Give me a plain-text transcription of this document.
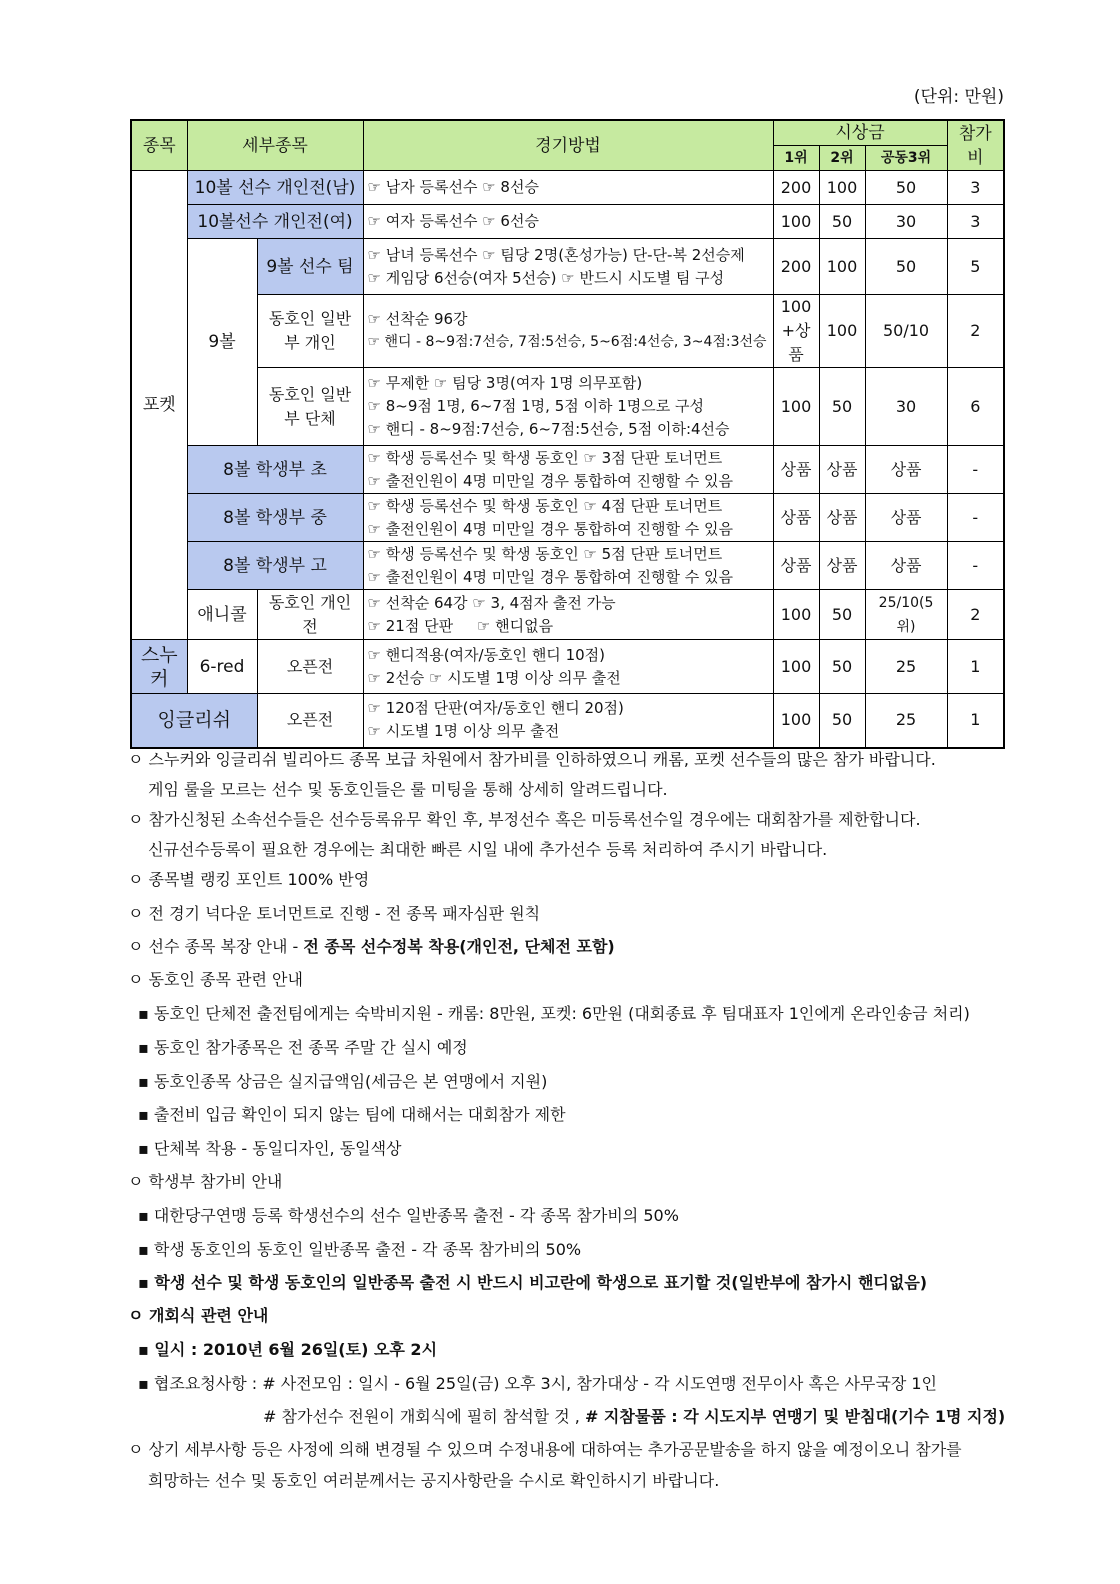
(단위: 만원)
종목	세부종목		경기방법	시상금			참가비
				1위	2위	공동3위	
포켓	10볼 선수 개인전(남)		☞ 남자 등록선수 ☞ 8선승	200	100	50	3
	10볼선수 개인전(여)		☞ 여자 등록선수 ☞ 6선승	100	50	30	3
	9볼	9볼 선수 팀	☞ 남녀 등록선수 ☞ 팀당 2명(혼성가능) 단-단-복 2선승제
☞ 게임당 6선승(여자 5선승) ☞ 반드시 시도별 팀 구성	200	100	50	5
		동호인 일반부 개인	☞ 선착순 96강
☞ 핸디 - 8~9점:7선승, 7점:5선승, 5~6점:4선승, 3~4점:3선승	100 +상품	100	50/10	2
		동호인 일반부 단체	☞ 무제한 ☞ 팀당 3명(여자 1명 의무포함)
☞ 8~9점 1명, 6~7점 1명, 5점 이하 1명으로 구성
☞ 핸디 - 8~9점:7선승, 6~7점:5선승, 5점 이하:4선승	100	50	30	6
	8볼 학생부 초		☞ 학생 등록선수 및 학생 동호인 ☞ 3점 단판 토너먼트
☞ 출전인원이 4명 미만일 경우 통합하여 진행할 수 있음	상품	상품	상품	-
	8볼 학생부 중		☞ 학생 등록선수 및 학생 동호인 ☞ 4점 단판 토너먼트
☞ 출전인원이 4명 미만일 경우 통합하여 진행할 수 있음	상품	상품	상품	-
	8볼 학생부 고		☞ 학생 등록선수 및 학생 동호인 ☞ 5점 단판 토너먼트
☞ 출전인원이 4명 미만일 경우 통합하여 진행할 수 있음	상품	상품	상품	-
	애니콜	동호인 개인전	☞ 선착순 64강 ☞ 3, 4점자 출전 가능
☞ 21점 단판     ☞ 핸디없음	100	50	25/10(5위)	2
스누커	6-red	오픈전	☞ 핸디적용(여자/동호인 핸디 10점)
☞ 2선승 ☞ 시도별 1명 이상 의무 출전	100	50	25	1
잉글리쉬		오픈전	☞ 120점 단판(여자/동호인 핸디 20점)
☞ 시도별 1명 이상 의무 출전	100	50	25	1
ㅇ 스누커와 잉글리쉬 빌리아드 종목 보급 차원에서 참가비를 인하하였으니 캐롬, 포켓 선수들의 많은 참가 바랍니다.
게임 룰을 모르는 선수 및 동호인들은 룰 미팅을 통해 상세히 알려드립니다.
ㅇ 참가신청된 소속선수들은 선수등록유무 확인 후, 부정선수 혹은 미등록선수일 경우에는 대회참가를 제한합니다.
신규선수등록이 필요한 경우에는 최대한 빠른 시일 내에 추가선수 등록 처리하여 주시기 바랍니다.
ㅇ 종목별 랭킹 포인트 100% 반영
ㅇ 전 경기 넉다운 토너먼트로 진행 - 전 종목 패자심판 원칙
ㅇ 선수 종목 복장 안내 - 전 종목 선수정복 착용(개인전, 단체전 포함)
ㅇ 동호인 종목 관련 안내
▪ 동호인 단체전 출전팀에게는 숙박비지원 - 캐롬: 8만원, 포켓: 6만원 (대회종료 후 팀대표자 1인에게 온라인송금 처리)
▪ 동호인 참가종목은 전 종목 주말 간 실시 예정
▪ 동호인종목 상금은 실지급액임(세금은 본 연맹에서 지원)
▪ 출전비 입금 확인이 되지 않는 팀에 대해서는 대회참가 제한
▪ 단체복 착용 - 동일디자인, 동일색상
ㅇ 학생부 참가비 안내
▪ 대한당구연맹 등록 학생선수의 선수 일반종목 출전 - 각 종목 참가비의 50%
▪ 학생 동호인의 동호인 일반종목 출전 - 각 종목 참가비의 50%
▪ 학생 선수 및 학생 동호인의 일반종목 출전 시 반드시 비고란에 학생으로 표기할 것(일반부에 참가시 핸디없음)
ㅇ 개회식 관련 안내
▪ 일시 : 2010년 6월 26일(토) 오후 2시
▪ 협조요청사항 : # 사전모임 : 일시 - 6월 25일(금) 오후 3시, 참가대상 - 각 시도연맹 전무이사 혹은 사무국장 1인
# 참가선수 전원이 개회식에 필히 참석할 것 , # 지참물품 : 각 시도지부 연맹기 및 받침대(기수 1명 지정)
ㅇ 상기 세부사항 등은 사정에 의해 변경될 수 있으며 수정내용에 대하여는 추가공문발송을 하지 않을 예정이오니 참가를
희망하는 선수 및 동호인 여러분께서는 공지사항란을 수시로 확인하시기 바랍니다.
